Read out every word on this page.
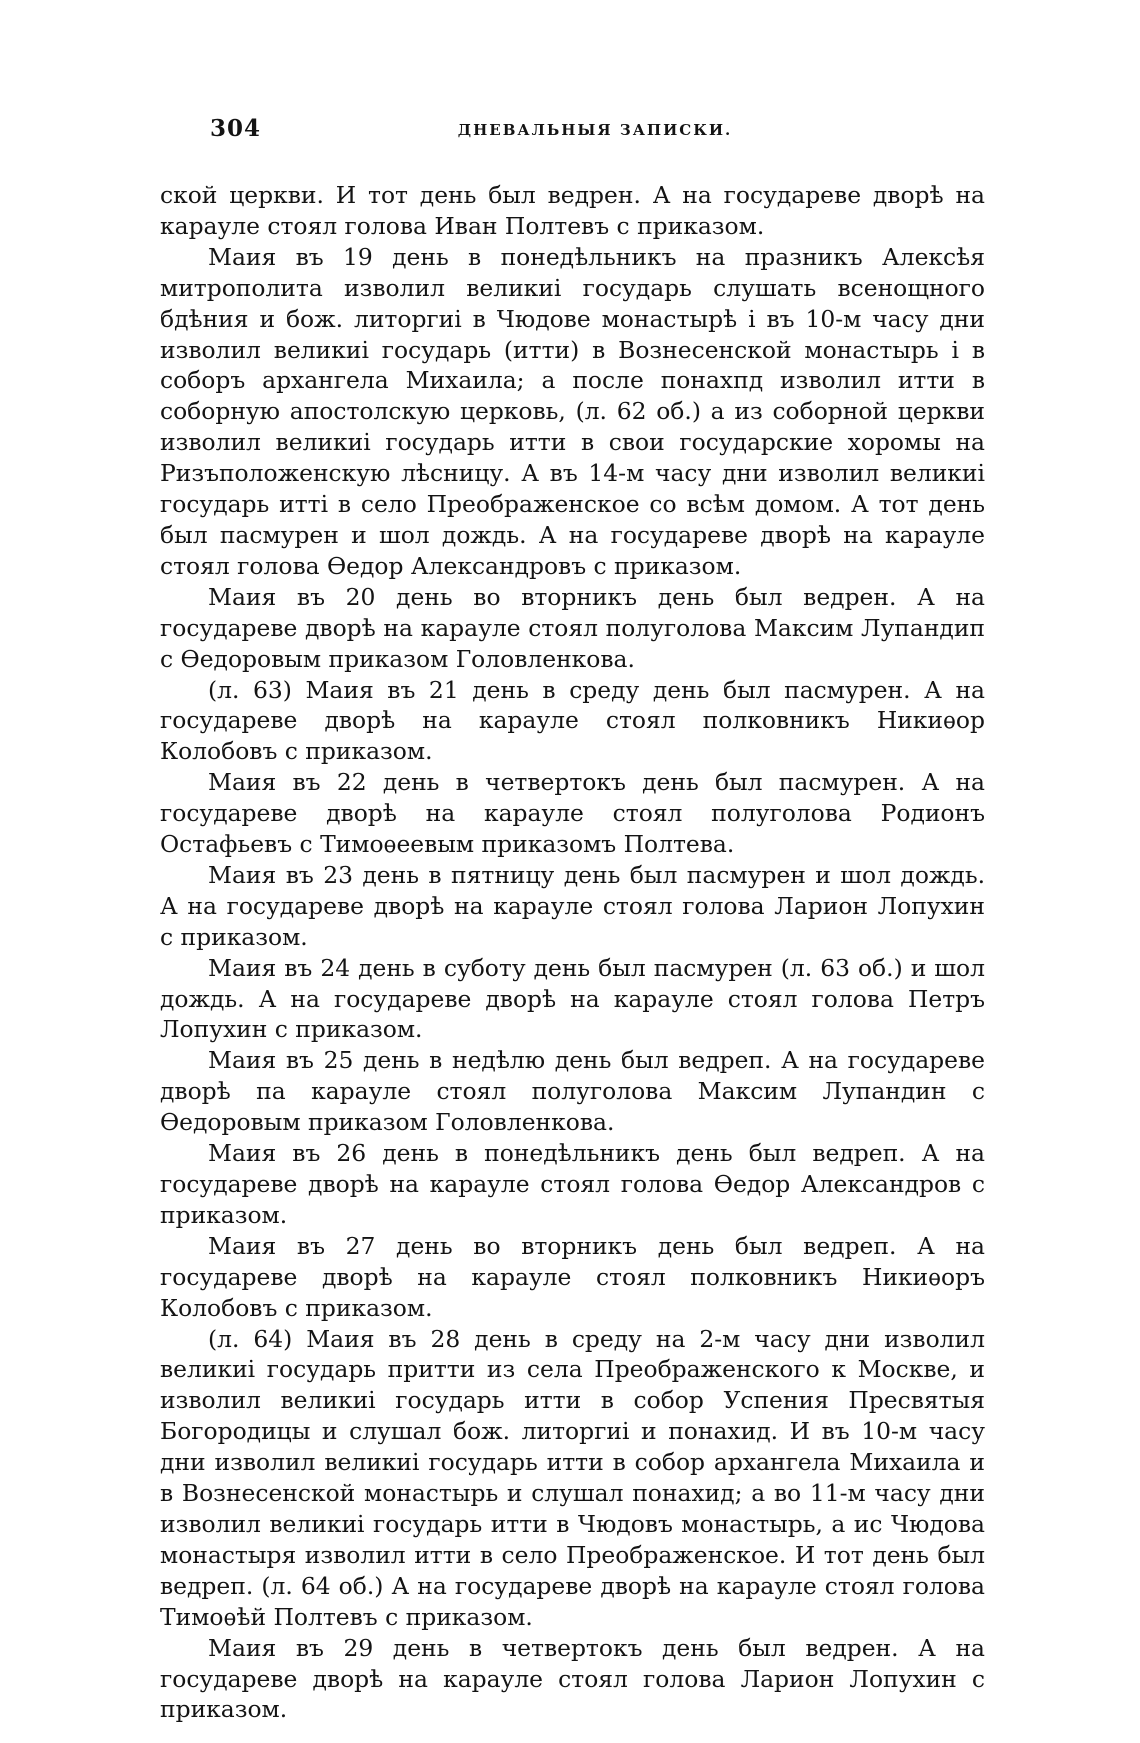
304	ДНЕВАЛЬНЫЯ ЗАПИСКИ.

ской церкви. И тот день был ведрен. А на государеве дворѣ на карауле стоял голова Иван Полтевъ с приказом.

Маия въ 19 день в понедѣльникъ на празникъ Алексѣя митрополита изволил великиі государь слушать всенощного бдѣния и бож. литоргиі в Чюдове монастырѣ і въ 10-м часу дни изволил великиі государь (итти) в Вознесенской монастырь і в соборъ архангела Михаила; а после понахпд изволил итти в соборную апостолскую церковь, (л. 62 об.) а из соборной церкви изволил великиі государь итти в свои государские хоромы на Ризъположенскую лѣсницу. А въ 14-м часу дни изволил великиі государь иттi в село Преображенское со всѣм домом. А тот день был пасмурен и шол дождь. А на государеве дворѣ на карауле стоял голова Ѳедор Александровъ с приказом.

Маия въ 20 день во вторникъ день был ведрен. А на государеве дворѣ на карауле стоял полуголова Максим Лупандип с Ѳедоровым приказом Головленкова.

(л. 63) Маия въ 21 день в среду день был пасмурен. А на государеве дворѣ на карауле стоял полковникъ Никиѳор Колобовъ с приказом.

Маия въ 22 день в четвертокъ день был пасмурен. А на государеве дворѣ на карауле стоял полуголова Родионъ Остафьевъ с Тимоѳеевым приказомъ Полтева.

Маия въ 23 день в пятницу день был пасмурен и шол дождь. А на государеве дворѣ на карауле стоял голова Ларион Лопухин с приказом.

Маия въ 24 день в суботу день был пасмурен (л. 63 об.) и шол дождь. А на государеве дворѣ на карауле стоял голова Петръ Лопухин с приказом.

Маия въ 25 день в недѣлю день был ведреп. А на государеве дворѣ па карауле стоял полуголова Максим Лупандин с Ѳедоровым приказом Головленкова.

Маия въ 26 день в понедѣльникъ день был ведреп. А на государеве дворѣ на карауле стоял голова Ѳедор Александров с приказом.

Маия въ 27 день во вторникъ день был ведреп. А на государеве дворѣ на карауле стоял полковникъ Никиѳоръ Колобовъ с приказом.

(л. 64) Маия въ 28 день в среду на 2-м часу дни изволил великиі государь притти из села Преображенского к Москве, и изволил великиі государь итти в собор Успения Пресвятыя Богородицы и слушал бож. литоргиі и понахид. И въ 10-м часу дни изволил великиі государь итти в собор архангела Михаила и в Вознесенской монастырь и слушал понахид; а во 11-м часу дни изволил великиі государь итти в Чюдовъ монастырь, а ис Чюдова монастыря изволил итти в село Преображенское. И тот день был ведреп. (л. 64 об.) А на государеве дворѣ на карауле стоял голова Тимоѳѣй Полтевъ с приказом.

Маия въ 29 день в четвертокъ день был ведрен. А на государеве дворѣ на карауле стоял голова Ларион Лопухин с приказом.
